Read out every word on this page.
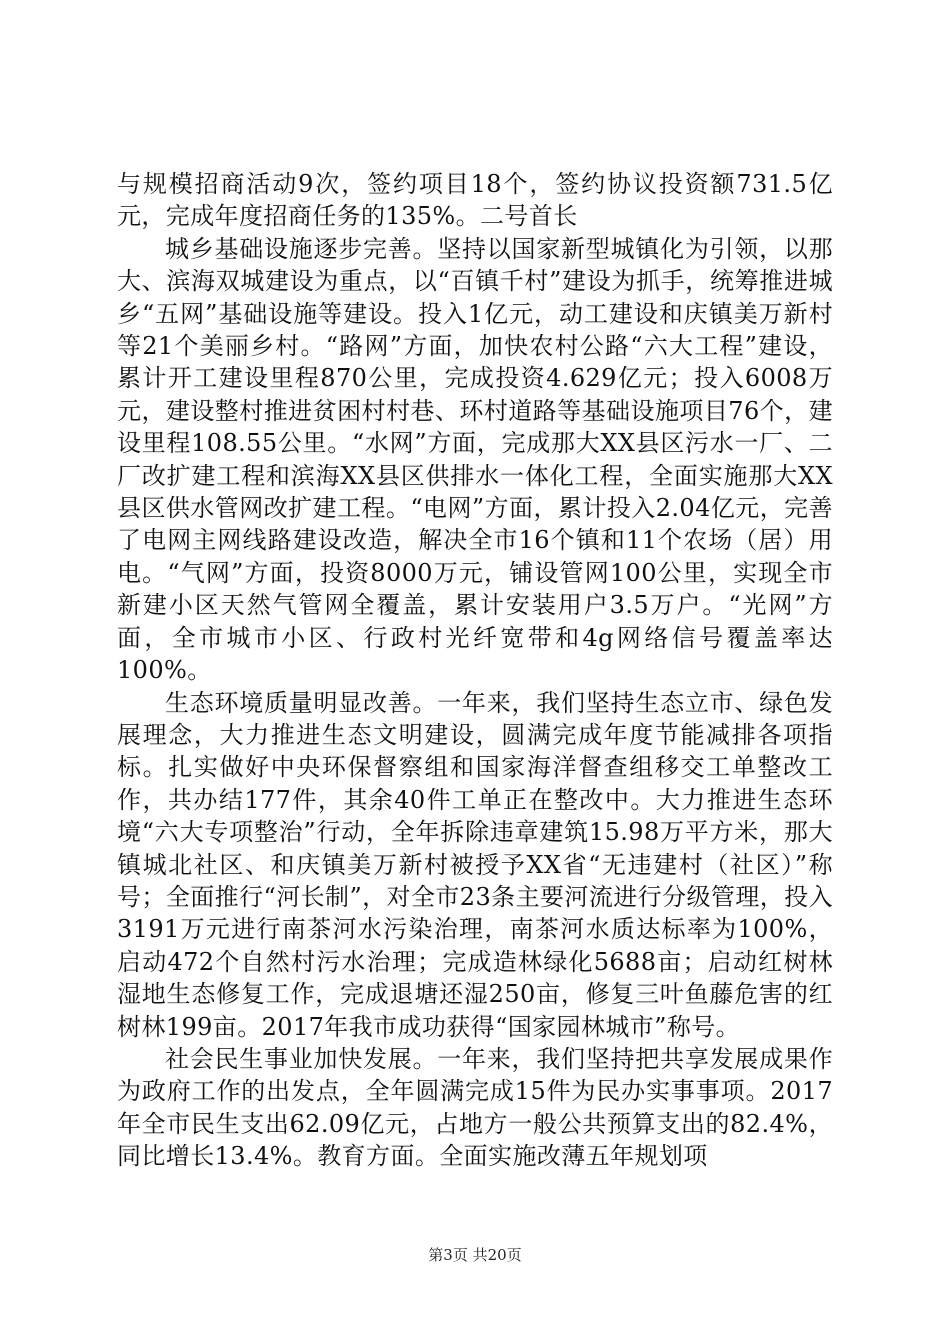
与规模招商活动9次，签约项目18个，签约协议投资额731.5亿元，完成年度招商任务的135%。二号首长

城乡基础设施逐步完善。坚持以国家新型城镇化为引领，以那大、滨海双城建设为重点，以“百镇千村”建设为抓手，统筹推进城乡“五网”基础设施等建设。投入1亿元，动工建设和庆镇美万新村等21个美丽乡村。“路网”方面，加快农村公路“六大工程”建设，累计开工建设里程870公里，完成投资4.629亿元；投入6008万元，建设整村推进贫困村村巷、环村道路等基础设施项目76个，建设里程108.55公里。“水网”方面，完成那大XX县区污水一厂、二厂改扩建工程和滨海XX县区供排水一体化工程，全面实施那大XX县区供水管网改扩建工程。“电网”方面，累计投入2.04亿元，完善了电网主网线路建设改造，解决全市16个镇和11个农场（居）用电。“气网”方面，投资8000万元，铺设管网100公里，实现全市新建小区天然气管网全覆盖，累计安装用户3.5万户。“光网”方面，全市城市小区、行政村光纤宽带和4g网络信号覆盖率达100%。

生态环境质量明显改善。一年来，我们坚持生态立市、绿色发展理念，大力推进生态文明建设，圆满完成年度节能减排各项指标。扎实做好中央环保督察组和国家海洋督查组移交工单整改工作，共办结177件，其余40件工单正在整改中。大力推进生态环境“六大专项整治”行动，全年拆除违章建筑15.98万平方米，那大镇城北社区、和庆镇美万新村被授予XX省“无违建村（社区）”称号；全面推行“河长制”，对全市23条主要河流进行分级管理，投入3191万元进行南茶河水污染治理，南茶河水质达标率为100%，启动472个自然村污水治理；完成造林绿化5688亩；启动红树林湿地生态修复工作，完成退塘还湿250亩，修复三叶鱼藤危害的红树林199亩。2017年我市成功获得“国家园林城市”称号。

社会民生事业加快发展。一年来，我们坚持把共享发展成果作为政府工作的出发点，全年圆满完成15件为民办实事事项。2017年全市民生支出62.09亿元，占地方一般公共预算支出的82.4%，同比增长13.4%。教育方面。全面实施改薄五年规划项

第3页 共20页
